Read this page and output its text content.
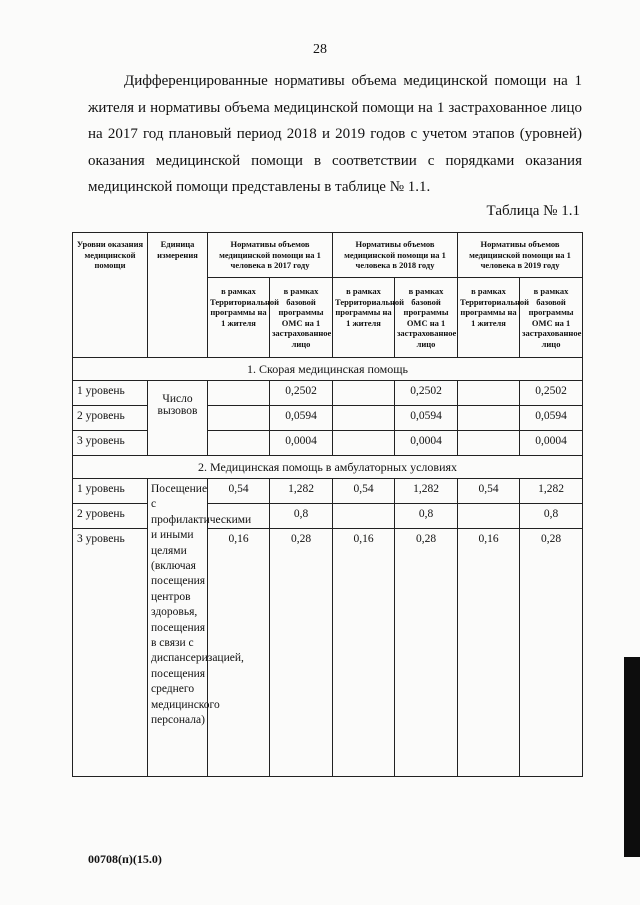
28

Дифференцированные нормативы объема медицинской помощи на 1 жителя и нормативы объема медицинской помощи на 1 застрахованное лицо на 2017 год плановый период 2018 и 2019 годов с учетом этапов (уровней) оказания медицинской помощи в соответствии с порядками оказания медицинской помощи представлены в таблице № 1.1.

Таблица № 1.1
Уровни оказания медицинской помощи	Единица измерения	Нормативы объемов медицинской помощи на 1 человека в 2017 году		Нормативы объемов медицинской помощи на 1 человека в 2018 году		Нормативы объемов медицинской помощи на 1 человека в 2019 году	
		в рамках Территориальной программы на 1 жителя	в рамках базовой программы ОМС на 1 застрахованное лицо	в рамках Территориальной программы на 1 жителя	в рамках базовой программы ОМС на 1 застрахованное лицо	в рамках Территориальной программы на 1 жителя	в рамках базовой программы ОМС на 1 застрахованное лицо
1. Скорая медицинская помощь							
1 уровень	Число вызовов		0,2502		0,2502		0,2502
2 уровень			0,0594		0,0594		0,0594
3 уровень			0,0004		0,0004		0,0004
2. Медицинская помощь в амбулаторных условиях							
1 уровень	Посещение с профилактическими и иными целями (включая посещения центров здоровья, посещения в связи с диспансеризацией, посещения среднего медицинского персонала)	0,54	1,282	0,54	1,282	0,54	1,282
2 уровень			0,8		0,8		0,8
3 уровень		0,16	0,28	0,16	0,28	0,16	0,28
00708(п)(15.0)
